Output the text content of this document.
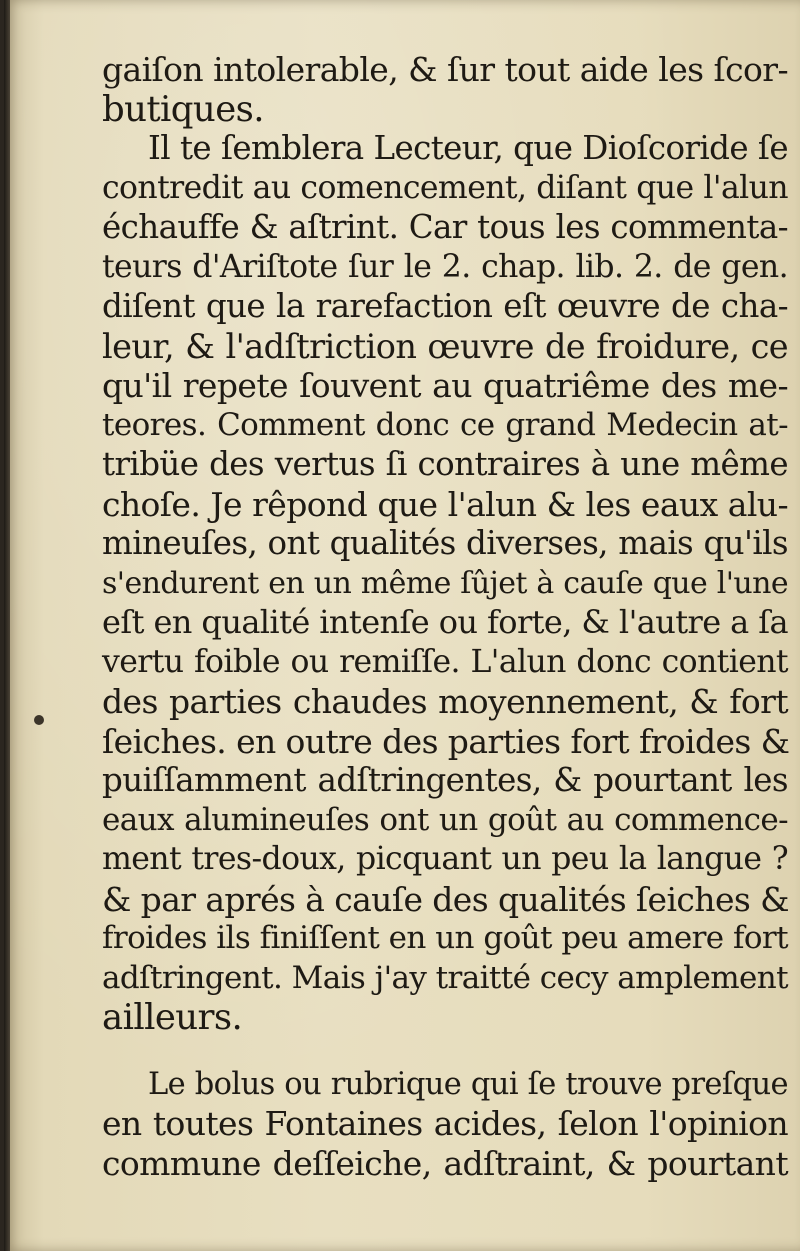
gaiſon intolerable, & ſur tout aide les ſcor-
butiques.
Il te ſemblera Lecteur, que Dioſcoride ſe
contredit au comencement, diſant que l'alun
échauffe & aſtrint. Car tous les commenta-
teurs d'Ariſtote ſur le 2. chap. lib. 2. de gen.
diſent que la rarefaction eſt œuvre de cha-
leur, & l'adſtriction œuvre de froidure, ce
qu'il repete ſouvent au quatriême des me-
teores. Comment donc ce grand Medecin at-
tribüe des vertus ſi contraires à une même
choſe. Je rêpond que l'alun & les eaux alu-
mineuſes, ont qualités diverses, mais qu'ils
s'endurent en un même ſûjet à cauſe que l'une
eſt en qualité intenſe ou forte, & l'autre a ſa
vertu foible ou remiſſe. L'alun donc contient
des parties chaudes moyennement, & fort
ſeiches. en outre des parties fort froides &
puiſſamment adſtringentes, & pourtant les
eaux alumineuſes ont un goût au commence-
ment tres-doux, picquant un peu la langue ?
& par aprés à cauſe des qualités ſeiches &
froides ils finiſſent en un goût peu amere fort
adſtringent. Mais j'ay traitté cecy amplement
ailleurs.
Le bolus ou rubrique qui ſe trouve preſque
en toutes Fontaines acides, ſelon l'opinion
commune deſſeiche, adſtraint, & pourtant
